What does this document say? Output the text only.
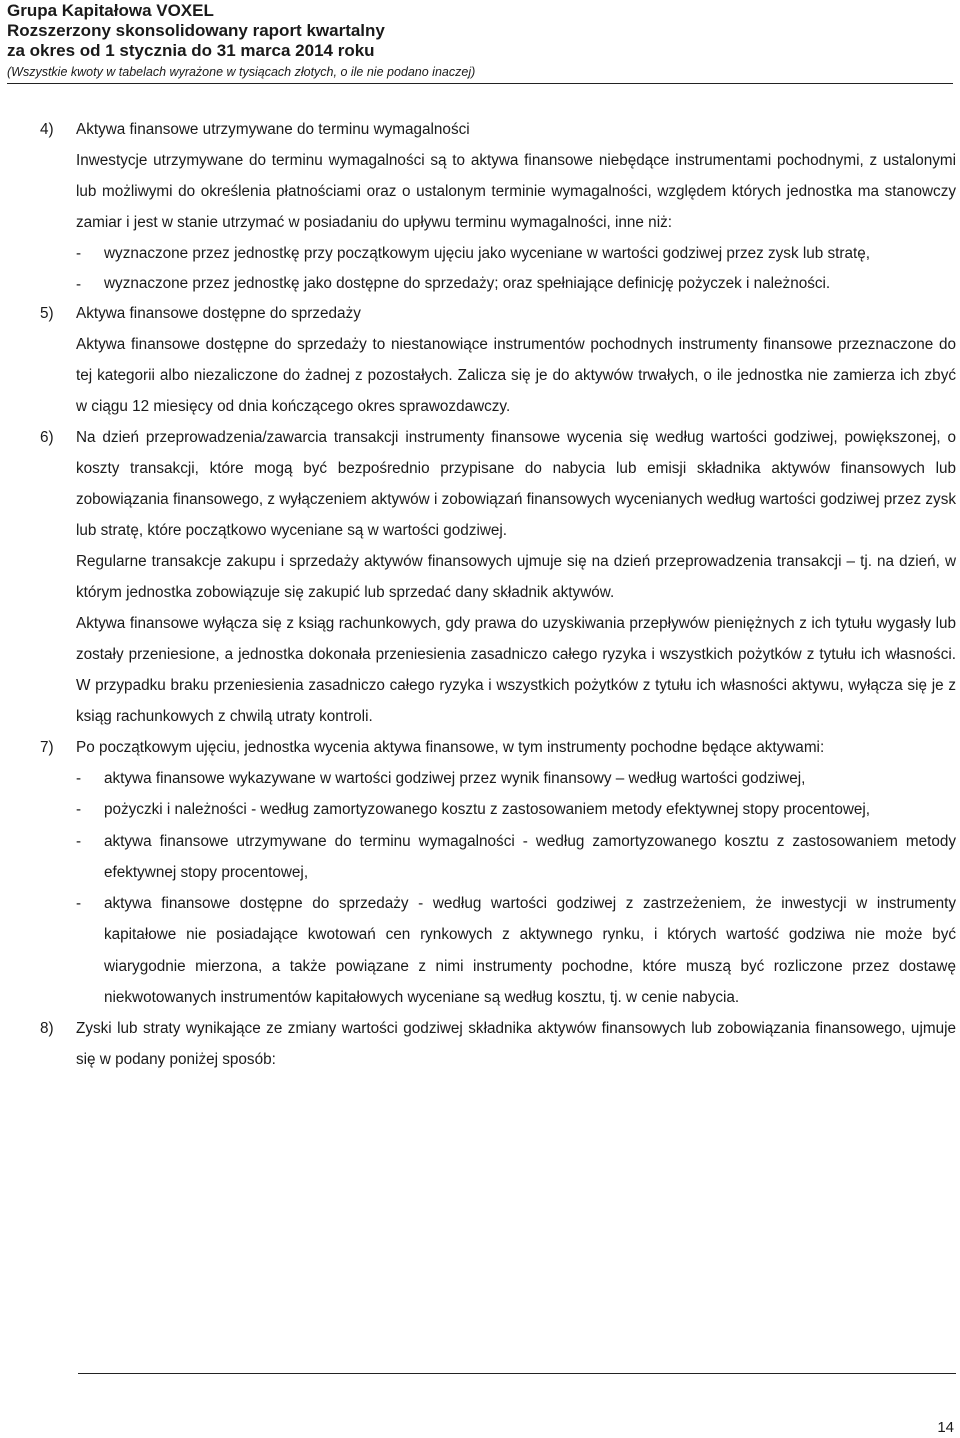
Grupa Kapitałowa VOXEL
Rozszerzony skonsolidowany raport kwartalny
za okres od 1 stycznia do 31 marca 2014 roku
(Wszystkie kwoty w tabelach wyrażone w tysiącach złotych, o ile nie podano inaczej)
4)	Aktywa finansowe utrzymywane do terminu wymagalności
Inwestycje utrzymywane do terminu wymagalności są to aktywa finansowe niebędące instrumentami pochodnymi, z ustalonymi lub możliwymi do określenia płatnościami oraz o ustalonym terminie wymagalności, względem których jednostka ma stanowczy zamiar i jest w stanie utrzymać w posiadaniu do upływu terminu wymagalności, inne niż:
-	wyznaczone przez jednostkę przy początkowym ujęciu jako wyceniane w wartości godziwej przez zysk lub stratę,
-	wyznaczone przez jednostkę jako dostępne do sprzedaży; oraz spełniające definicję pożyczek i należności.
5)	Aktywa finansowe dostępne do sprzedaży
Aktywa finansowe dostępne do sprzedaży to niestanowiące instrumentów pochodnych instrumenty finansowe przeznaczone do tej kategorii albo niezaliczone do żadnej z pozostałych. Zalicza się je do aktywów trwałych, o ile jednostka nie zamierza ich zbyć w ciągu 12 miesięcy od dnia kończącego okres sprawozdawczy.
6)	Na dzień przeprowadzenia/zawarcia transakcji instrumenty finansowe wycenia się według wartości godziwej, powiększonej, o koszty transakcji, które mogą być bezpośrednio przypisane do nabycia lub emisji składnika aktywów finansowych lub zobowiązania finansowego, z wyłączeniem aktywów i zobowiązań finansowych wycenianych według wartości godziwej przez zysk lub stratę, które początkowo wyceniane są w wartości godziwej.
Regularne transakcje zakupu i sprzedaży aktywów finansowych ujmuje się na dzień przeprowadzenia transakcji – tj. na dzień, w którym jednostka zobowiązuje się zakupić lub sprzedać dany składnik aktywów.
Aktywa finansowe wyłącza się z ksiąg rachunkowych, gdy prawa do uzyskiwania przepływów pieniężnych z ich tytułu wygasły lub zostały przeniesione, a jednostka dokonała przeniesienia zasadniczo całego ryzyka i wszystkich pożytków z tytułu ich własności. W przypadku braku przeniesienia zasadniczo całego ryzyka i wszystkich pożytków z tytułu ich własności aktywu, wyłącza się je z ksiąg rachunkowych z chwilą utraty kontroli.
7)	Po początkowym ujęciu, jednostka wycenia aktywa finansowe, w tym instrumenty pochodne będące aktywami:
-	aktywa finansowe wykazywane w wartości godziwej przez wynik finansowy – według wartości godziwej,
-	pożyczki i należności - według zamortyzowanego kosztu z zastosowaniem metody efektywnej stopy procentowej,
-	aktywa finansowe utrzymywane do terminu wymagalności - według zamortyzowanego kosztu z zastosowaniem metody efektywnej stopy procentowej,
-	aktywa finansowe dostępne do sprzedaży - według wartości godziwej z zastrzeżeniem, że inwestycji w instrumenty kapitałowe nie posiadające kwotowań cen rynkowych z aktywnego rynku, i których wartość godziwa nie może być wiarygodnie mierzona, a także powiązane z nimi instrumenty pochodne, które muszą być rozliczone przez dostawę niekwotowanych instrumentów kapitałowych wyceniane są według kosztu, tj. w cenie nabycia.
8)	Zyski lub straty wynikające ze zmiany wartości godziwej składnika aktywów finansowych lub zobowiązania finansowego, ujmuje się w podany poniżej sposób:
14
